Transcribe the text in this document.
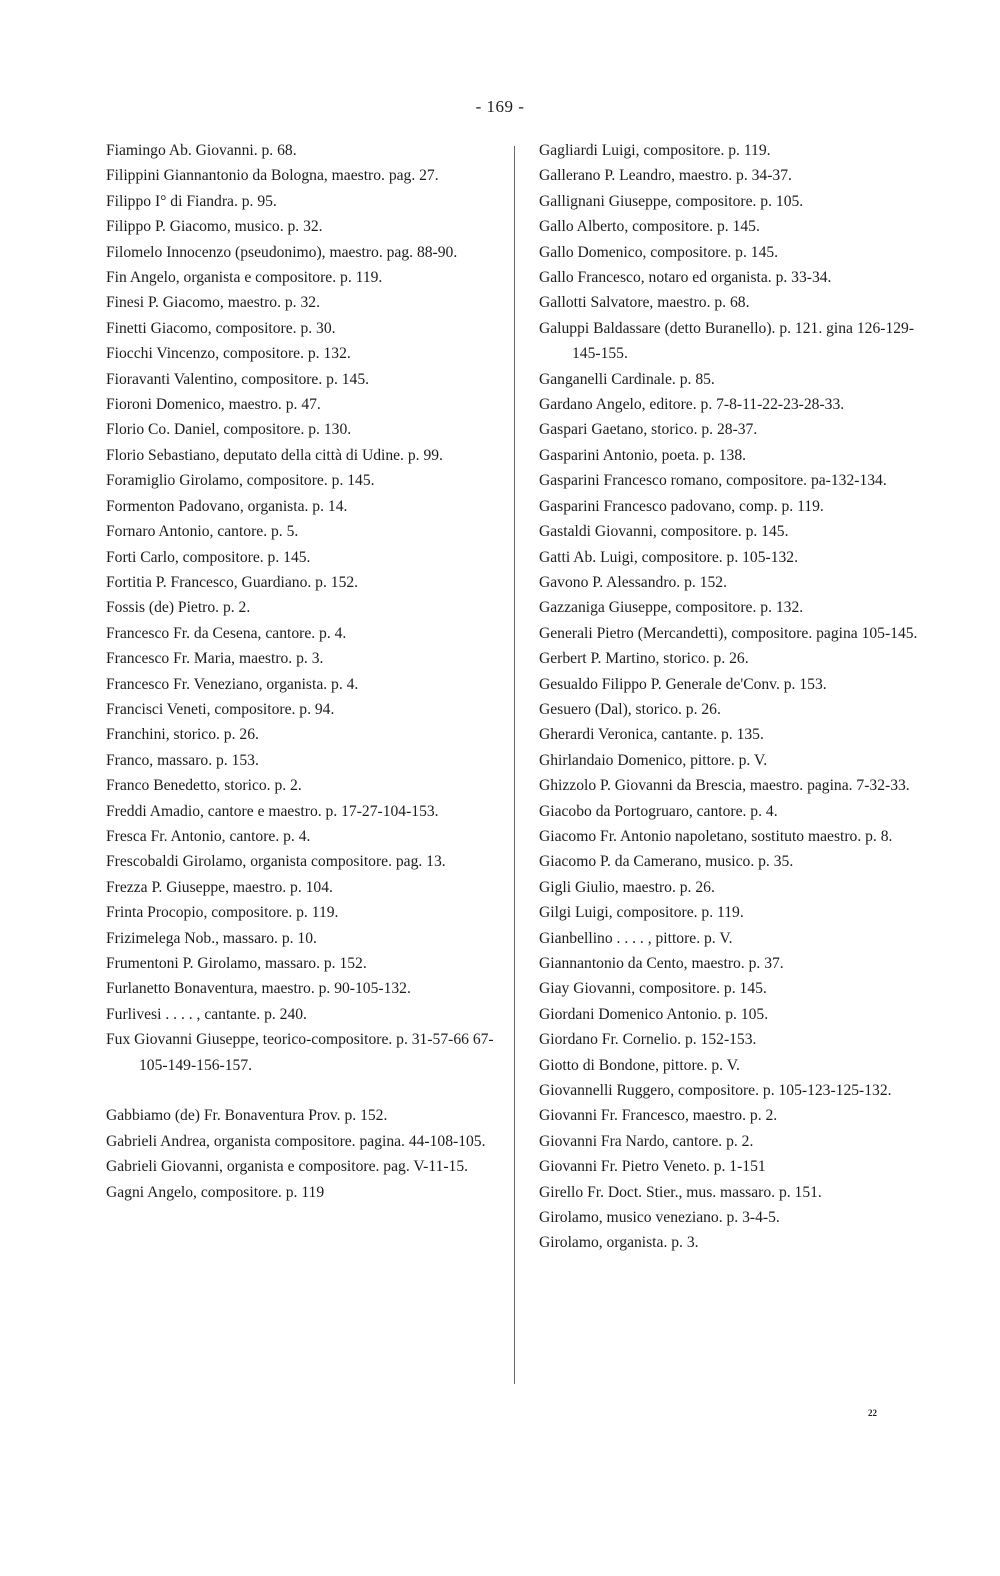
- 169 -
Fiamingo Ab. Giovanni. p. 68.
Filippini Giannantonio da Bologna, maestro. pag. 27.
Filippo I° di Fiandra. p. 95.
Filippo P. Giacomo, musico. p. 32.
Filomelo Innocenzo (pseudonimo), maestro. pag. 88-90.
Fin Angelo, organista e compositore. p. 119.
Finesi P. Giacomo, maestro. p. 32.
Finetti Giacomo, compositore. p. 30.
Fiocchi Vincenzo, compositore. p. 132.
Fioravanti Valentino, compositore. p. 145.
Fioroni Domenico, maestro. p. 47.
Florio Co. Daniel, compositore. p. 130.
Florio Sebastiano, deputato della città di Udine. p. 99.
Foramiglio Girolamo, compositore. p. 145.
Formenton Padovano, organista. p. 14.
Fornaro Antonio, cantore. p. 5.
Forti Carlo, compositore. p. 145.
Fortitia P. Francesco, Guardiano. p. 152.
Fossis (de) Pietro. p. 2.
Francesco Fr. da Cesena, cantore. p. 4.
Francesco Fr. Maria, maestro. p. 3.
Francesco Fr. Veneziano, organista. p. 4.
Francisci Veneti, compositore. p. 94.
Franchini, storico. p. 26.
Franco, massaro. p. 153.
Franco Benedetto, storico. p. 2.
Freddi Amadio, cantore e maestro. p. 17-27-104-153.
Fresca Fr. Antonio, cantore. p. 4.
Frescobaldi Girolamo, organista compositore. pag. 13.
Frezza P. Giuseppe, maestro. p. 104.
Frinta Procopio, compositore. p. 119.
Frizimelega Nob., massaro. p. 10.
Frumentoni P. Girolamo, massaro. p. 152.
Furlanetto Bonaventura, maestro. p. 90-105-132.
Furlivesi . . . . , cantante. p. 240.
Fux Giovanni Giuseppe, teorico-compositore. p. 31-57-66 67-105-149-156-157.
Gabbiamo (de) Fr. Bonaventura Prov. p. 152.
Gabrieli Andrea, organista compositore. pagina. 44-108-105.
Gabrieli Giovanni, organista e compositore. pag. V-11-15.
Gagni Angelo, compositore. p. 119
Gagliardi Luigi, compositore. p. 119.
Gallerano P. Leandro, maestro. p. 34-37.
Gallignani Giuseppe, compositore. p. 105.
Gallo Alberto, compositore. p. 145.
Gallo Domenico, compositore. p. 145.
Gallo Francesco, notaro ed organista. p. 33-34.
Gallotti Salvatore, maestro. p. 68.
Galuppi Baldassare (detto Buranello). p. 121. gina 126-129-145-155.
Ganganelli Cardinale. p. 85.
Gardano Angelo, editore. p. 7-8-11-22-23-28-33.
Gaspari Gaetano, storico. p. 28-37.
Gasparini Antonio, poeta. p. 138.
Gasparini Francesco romano, compositore. pa-132-134.
Gasparini Francesco padovano, comp. p. 119.
Gastaldi Giovanni, compositore. p. 145.
Gatti Ab. Luigi, compositore. p. 105-132.
Gavono P. Alessandro. p. 152.
Gazzaniga Giuseppe, compositore. p. 132.
Generali Pietro (Mercandetti), compositore. pagina 105-145.
Gerbert P. Martino, storico. p. 26.
Gesualdo Filippo P. Generale de'Conv. p. 153.
Gesuero (Dal), storico. p. 26.
Gherardi Veronica, cantante. p. 135.
Ghirlandaio Domenico, pittore. p. V.
Ghizzolo P. Giovanni da Brescia, maestro. pagina. 7-32-33.
Giacobo da Portogruaro, cantore. p. 4.
Giacomo Fr. Antonio napoletano, sostituto maestro. p. 8.
Giacomo P. da Camerano, musico. p. 35.
Gigli Giulio, maestro. p. 26.
Gilgi Luigi, compositore. p. 119.
Gianbellino . . . . , pittore. p. V.
Giannantonio da Cento, maestro. p. 37.
Giay Giovanni, compositore. p. 145.
Giordani Domenico Antonio. p. 105.
Giordano Fr. Cornelio. p. 152-153.
Giotto di Bondone, pittore. p. V.
Giovannelli Ruggero, compositore. p. 105-123-125-132.
Giovanni Fr. Francesco, maestro. p. 2.
Giovanni Fra Nardo, cantore. p. 2.
Giovanni Fr. Pietro Veneto. p. 1-151
Girello Fr. Doct. Stier., mus. massaro. p. 151.
Girolamo, musico veneziano. p. 3-4-5.
Girolamo, organista. p. 3.
22
